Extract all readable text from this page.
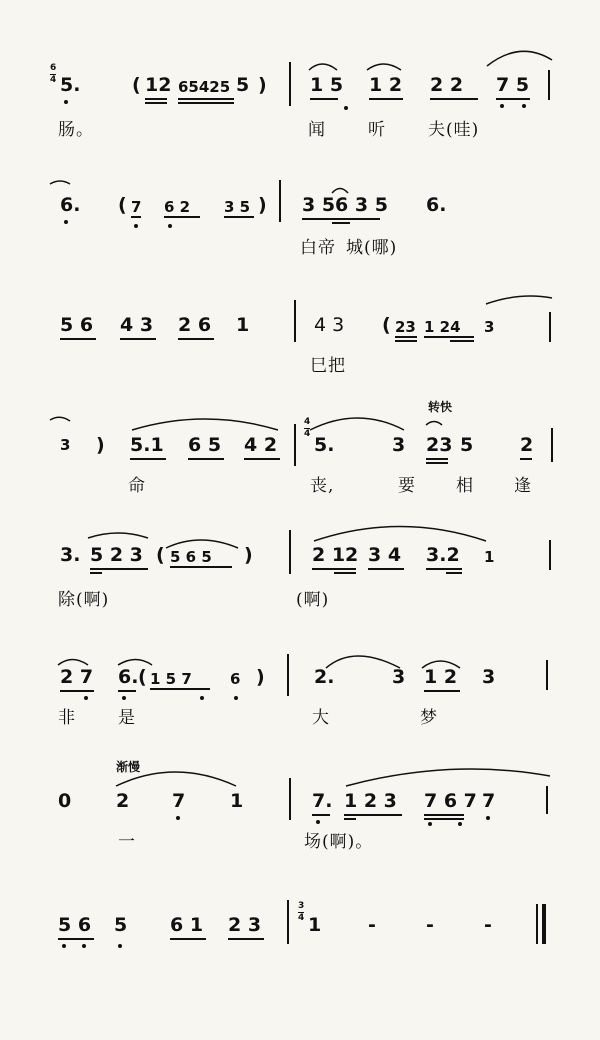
6
4 5.	( 12 65425 5 ) 1 5 1 2 2 2 7 5
肠。	闻 听 夫(哇)
6. ( 7 6 2 3 5 ) 3 56 3 5 6.
白帝 城(哪)
5 6 4 3 2 6 1	4 3 ( 23 1 24 3
巳把
3 ) 5.1 6 5 4 2
4
4 5.	3
转快
23 5 2
命	丧,	要 相 逢
3. 5 2 3 ( 5 6 5 )	2 12 3 4 3.2 1
除(啊)	(啊)
2 7 6. ( 1 5 7	6 )	2.	3 1 2 3
非 是	大	梦
渐慢
0 2 7 1	7. 1 2 3 7 6 7 7
一	场(啊)。
5 6 5 6 1 2 3
3
4 1 -	-	-
